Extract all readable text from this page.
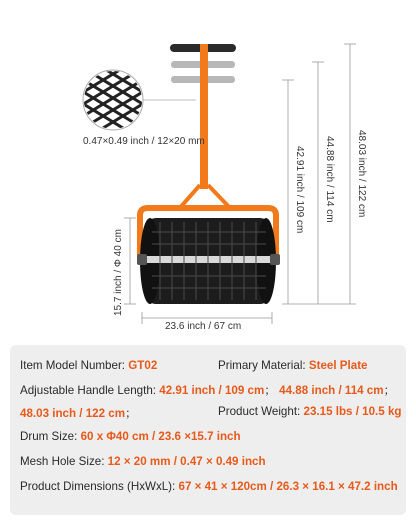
0.47×0.49 inch / 12×20 mm
23.6 inch / 67 cm
15.7 inch / Φ 40 cm
42.91 inch / 109 cm 44.88 inch / 114 cm 48.03 inch / 122 cm
Item Model Number: GT02	Primary Material: Steel Plate
Adjustable Handle Length: 42.91 inch / 109 cm； 44.88 inch / 114 cm；
48.03 inch / 122 cm；	Product Weight: 23.15 lbs / 10.5 kg
Drum Size: 60 x Φ40 cm / 23.6 ×15.7 inch
Mesh Hole Size: 12 × 20 mm / 0.47 × 0.49 inch
Product Dimensions (HxWxL): 67 × 41 × 120cm / 26.3 × 16.1 × 47.2 inch
